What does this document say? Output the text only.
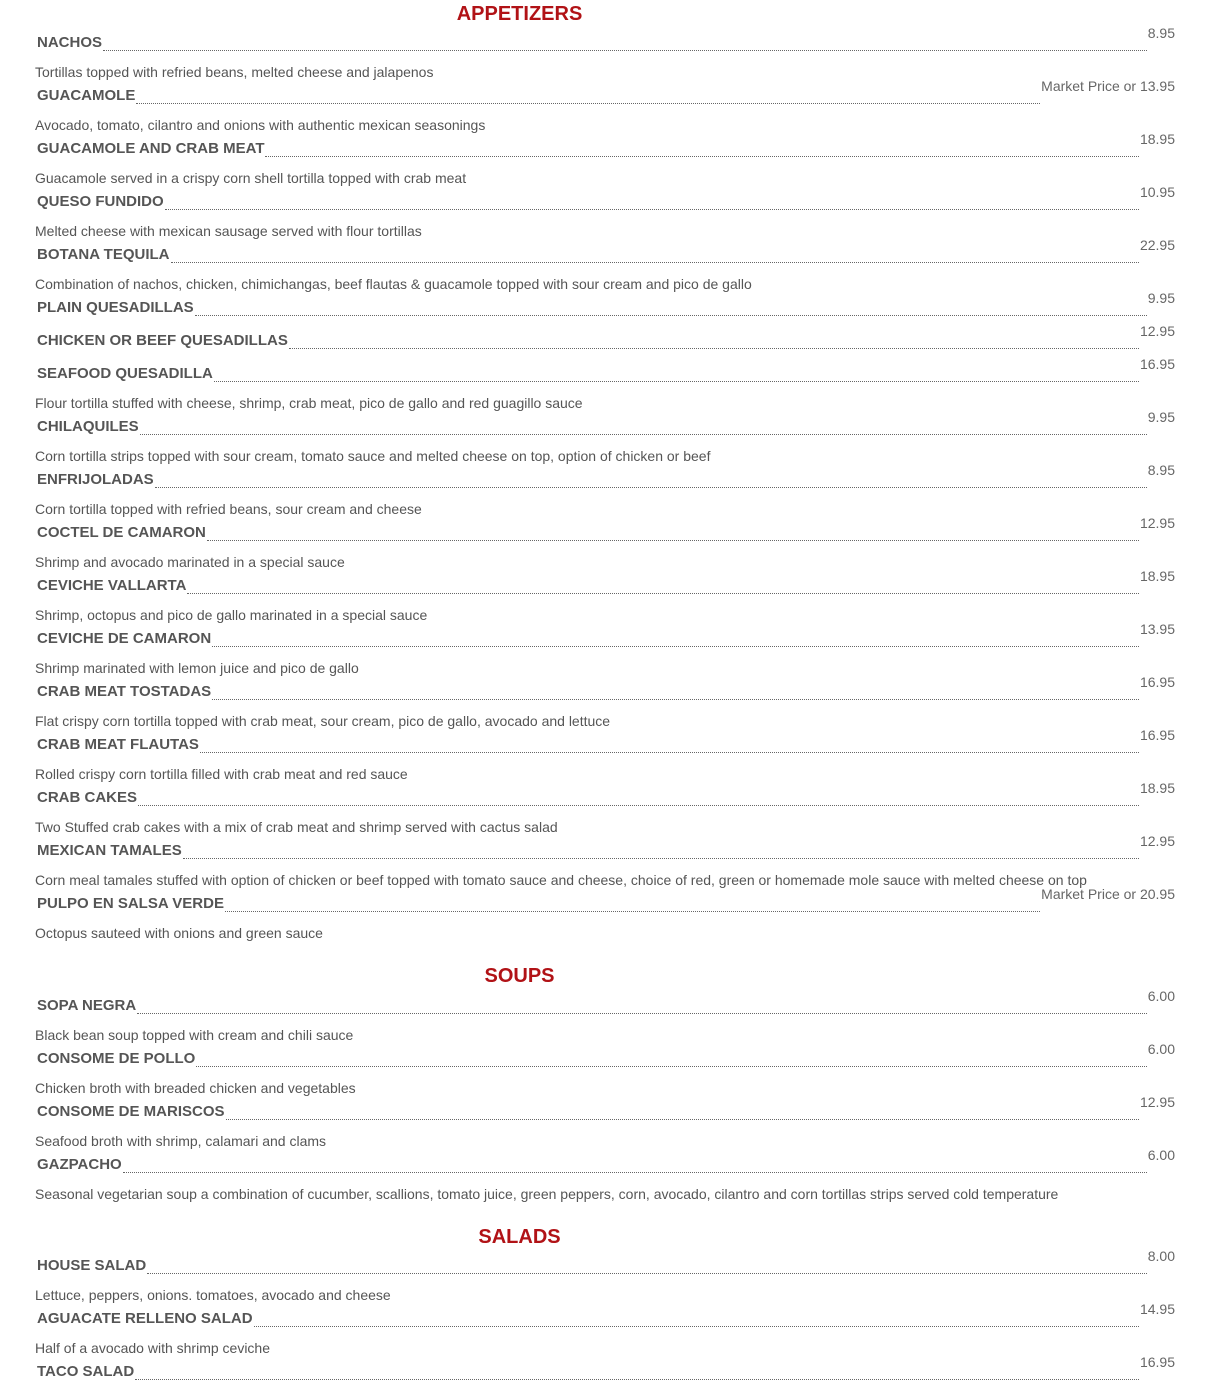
APPETIZERS
NACHOS
8.95
Tortillas topped with refried beans, melted cheese and jalapenos
GUACAMOLE
Market Price or 13.95
Avocado, tomato, cilantro and onions with authentic mexican seasonings
GUACAMOLE AND CRAB MEAT
18.95
Guacamole served in a crispy corn shell tortilla topped with crab meat
QUESO FUNDIDO
10.95
Melted cheese with mexican sausage served with flour tortillas
BOTANA TEQUILA
22.95
Combination of nachos, chicken, chimichangas, beef flautas & guacamole topped with sour cream and pico de gallo
PLAIN QUESADILLAS
9.95
CHICKEN OR BEEF QUESADILLAS
12.95
SEAFOOD QUESADILLA
16.95
Flour tortilla stuffed with cheese, shrimp, crab meat, pico de gallo and red guagillo sauce
CHILAQUILES
9.95
Corn tortilla strips topped with sour cream, tomato sauce and melted cheese on top, option of chicken or beef
ENFRIJOLADAS
8.95
Corn tortilla topped with refried beans, sour cream and cheese
COCTEL DE CAMARON
12.95
Shrimp and avocado marinated in a special sauce
CEVICHE VALLARTA
18.95
Shrimp, octopus and pico de gallo marinated in a special sauce
CEVICHE DE CAMARON
13.95
Shrimp marinated with lemon juice and pico de gallo
CRAB MEAT TOSTADAS
16.95
Flat crispy corn tortilla topped with crab meat, sour cream, pico de gallo, avocado and lettuce
CRAB MEAT FLAUTAS
16.95
Rolled crispy corn tortilla filled with crab meat and red sauce
CRAB CAKES
18.95
Two Stuffed crab cakes with a mix of crab meat and shrimp served with cactus salad
MEXICAN TAMALES
12.95
Corn meal tamales stuffed with option of chicken or beef topped with tomato sauce and cheese, choice of red, green or homemade mole sauce with melted cheese on top
PULPO EN SALSA VERDE
Market Price or 20.95
Octopus sauteed with onions and green sauce
SOUPS
SOPA NEGRA
6.00
Black bean soup topped with cream and chili sauce
CONSOME DE POLLO
6.00
Chicken broth with breaded chicken and vegetables
CONSOME DE MARISCOS
12.95
Seafood broth with shrimp, calamari and clams
GAZPACHO
6.00
Seasonal vegetarian soup a combination of cucumber, scallions, tomato juice, green peppers, corn, avocado, cilantro and corn tortillas strips served cold temperature
SALADS
HOUSE SALAD
8.00
Lettuce, peppers, onions. tomatoes, avocado and cheese
AGUACATE RELLENO SALAD
14.95
Half of a avocado with shrimp ceviche
TACO SALAD
16.95
